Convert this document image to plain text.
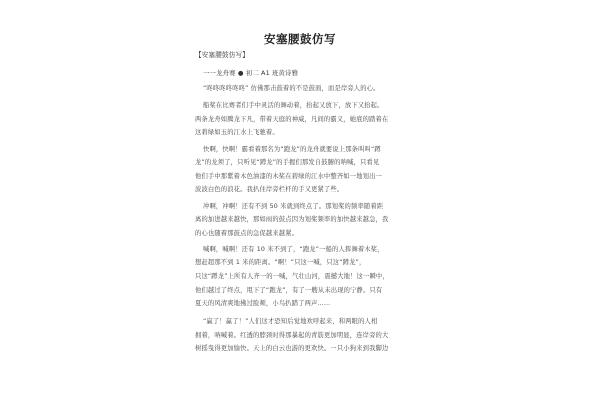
安塞腰鼓仿写
【安塞腰鼓仿写】
一一龙舟赛 ● 初二 A1 班黄诗雅
“咚咚咚咚咚咚” 仿佛那击鼓着的不是鼓面，而是岸旁人的心。
船桨在比赛者们手中灵活的舞动着，抬起又放下，放下又抬起。
两条龙舟如腾龙下凡，带着天庭的神威，凡间的霸义，她底的踏着在
这碧绿如玉的江水上飞驰着。
快啊，快啊！霸看着那名为“跑龙”的龙舟就要说上那条叫叫“蹲
龙”的龙须了，只听见“蹲龙”的手握们那发自鼓腑的呐喊，只看见
他们手中那紫着木色油漆的木桨在碧绿的江水中整齐如一地划出一
波波白色的浪花。我扒住岸旁栏杆的手又更紧了些。
冲啊，冲啊！还有不到 50 米就到终点了。那划桨的频率随着距
离的加进越来越快，那如雨的鼓点因为划桨频率的加快越来越急，我
的心也随着那鼓点的急促越来越紧。
喊啊，喊啊！还有 10 米不到了，“跑龙”一船的人挥舞着木桨，
想赶超那不到 1 米的距离。“啊！”只这一喊，只这“蹲龙”，
只这“蹲龙”上所有人齐一的一喊，气壮山河，震撼大地！这一瞬中，
他们越过了终点，甩下了“跑龙”，有了一艘从未出现的宁静。只有
夏天的风清爽地拂过脸颊，小鸟扒踏了两声……
“赢了！赢了！”人们这才恐知后觉地欢呼起来，和两眼的人相
拥着，呐喊着。红透的脖颈时得那暴起的青筋更加明显，连岸旁的大
树摇曳得更加愉快。天上的白云也游的更欢快。一只小狗来到我脚边
